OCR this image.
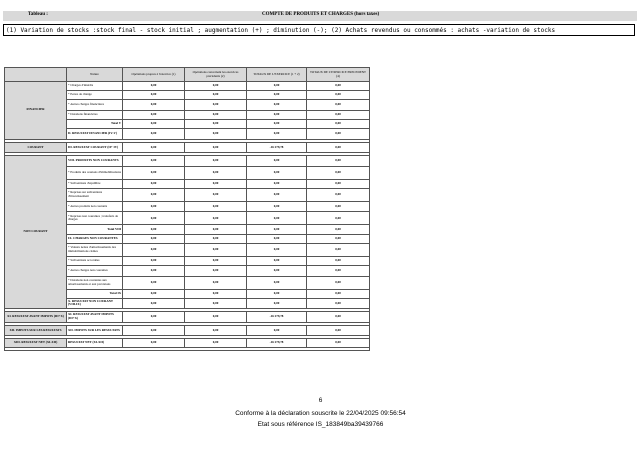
Tableau :	COMPTE DE PRODUITS ET CHARGES (hors taxes)
(1) Variation de stocks :stock final - stock initial ; augmentation (+) ; diminution (-); (2) Achats revendus ou consommés : achats -variation de stocks
	Nature	Opérations propres à l'exercice (1)	Opérations concernant les exercices précédents (2)	TOTAUX DE L'EXERCICE (1 + 2)	TOTAUX DE L'EXERCICE PRECEDENT (4)
FINANCIER	* Charges d'intérêts	0,00	0,00	0,00	0,00
	* Pertes de change	0,00	0,00	0,00	0,00
	* Autres charges financières	0,00	0,00	0,00	0,00
	* Dotations financières	0,00	0,00	0,00	0,00
	Total V	0,00	0,00	0,00	0,00
	II. RESULTAT FINANCIER (IV-V)	0,00	0,00	0,00	0,00

COURANT	III. RESULTAT COURANT (II+ IV)	0,00	0,00	-16 279,78	0,00

NON COURANT	VIII. PRODUITS NON COURANTS	0,00	0,00	0,00	0,00
	* Produits des cessions d'immobilisations	0,00	0,00	0,00	0,00
	* Subventions d'équilibre	0,00	0,00	0,00	0,00
	* Reprises sur subventions d'investissement	0,00	0,00	0,00	0,00
	* Autres produits non courants	0,00	0,00	0,00	0,00
	* Reprises non courantes ; transferts de charges	0,00	0,00	0,00	0,00
	Total VIII	0,00	0,00	0,00	0,00
	IX. CHARGES NON COURANTES	0,00	0,00	0,00	0,00
	* Valeurs nettes d'amortissements des immobilisations cédées	0,00	0,00	0,00	0,00
	* Subventions accordées	0,00	0,00	0,00	0,00
	* Autres charges non courantes	0,00	0,00	0,00	0,00
	* Dotations non courantes aux amortissements et aux provisions	0,00	0,00	0,00	0,00
	Total IX	0,00	0,00	0,00	0,00
	X. RESULTAT NON COURANT (VIII-IX)	0,00	0,00	0,00	0,00

XI. RESULTAT AVANT IMPOTS (III+X)	XI. RESULTAT AVANT IMPOTS (III+X)	0,00	0,00	-16 279,78	0,00

XII. IMPOTS SUR LES RESULTATS	XII. IMPOTS SUR LES RESULTATS	0,00	0,00	0,00	0,00

XIII. RESULTAT NET (XI-XII)	RESULTAT NET (XI-XII)	0,00	0,00	-16 279,78	0,00

6
Conforme à la déclaration souscrite le 22/04/2025 09:56:54
Etat sous référence IS_183849ba39439766
